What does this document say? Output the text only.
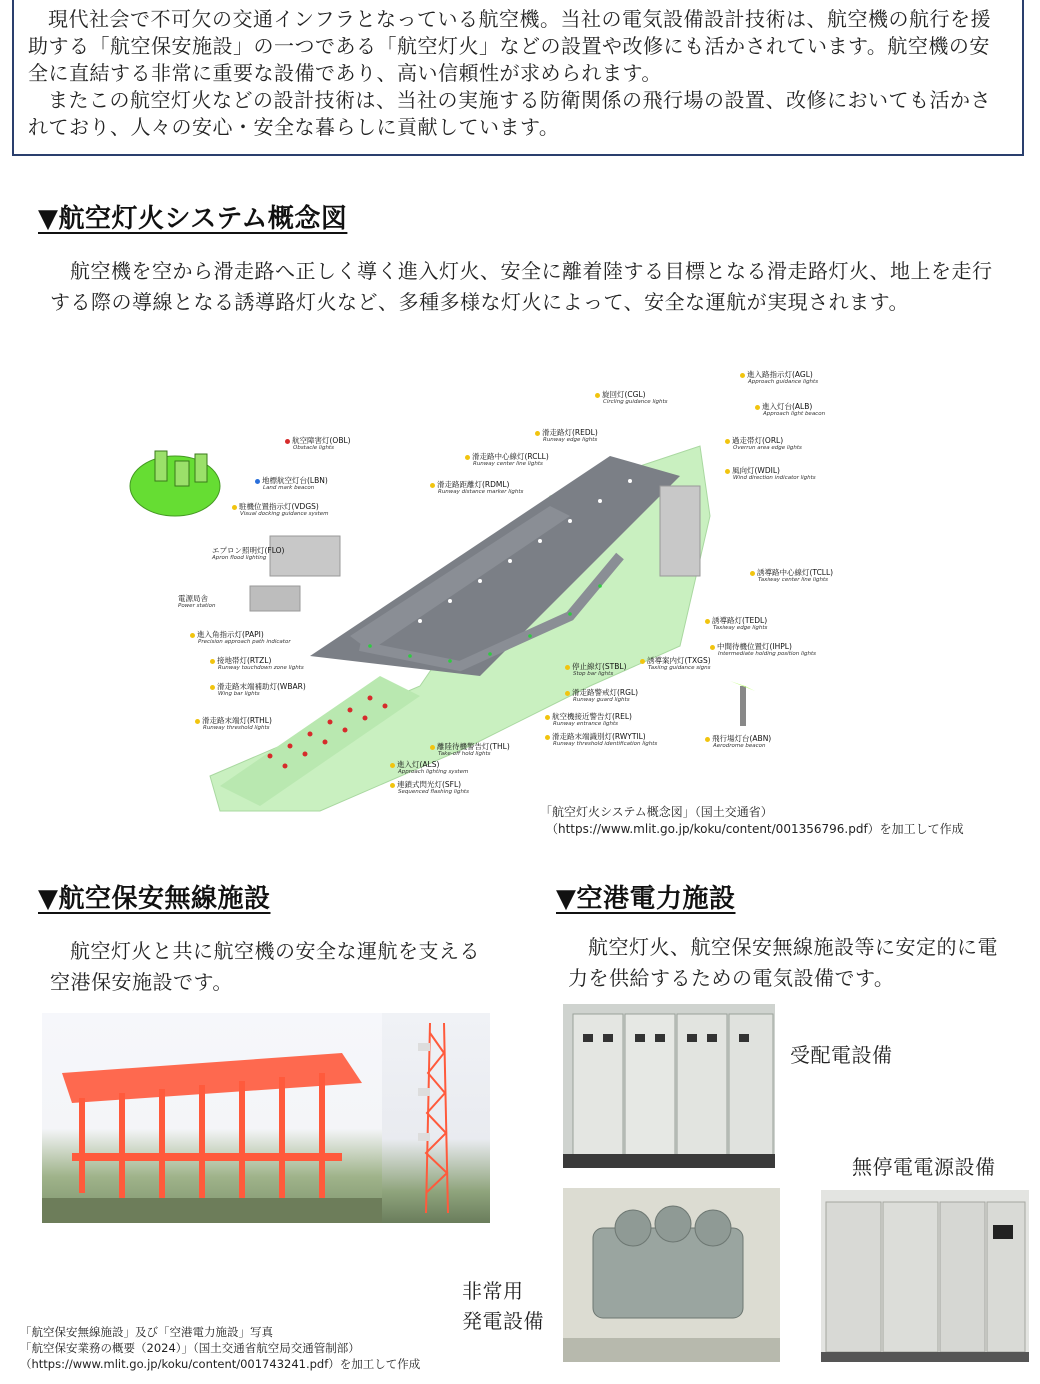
現代社会で不可欠の交通インフラとなっている航空機。当社の電気設備設計技術は、航空機の航行を援助する「航空保安施設」の一つである「航空灯火」などの設置や改修にも活かされています。航空機の安全に直結する非常に重要な設備であり、高い信頼性が求められます。

またこの航空灯火などの設計技術は、当社の実施する防衛関係の飛行場の設置、改修においても活かされており、人々の安心・安全な暮らしに貢献しています。

▼航空灯火システム概念図

航空機を空から滑走路へ正しく導く進入灯火、安全に離着陸する目標となる滑走路灯火、地上を走行する際の導線となる誘導路灯火など、多種多様な灯火によって、安全な運航が実現されます。

進入路指示灯(AGL)
Approach guidance lights
旋回灯(CGL)
Circling guidance lights	進入灯台(ALB)
Approach light beacon
滑走路灯(REDL)
Runway edge lights	過走帯灯(ORL)
Overrun area edge lights
航空障害灯(OBL)
Obstacle lights
滑走路中心線灯(RCLL)
Runway center line lights
風向灯(WDIL)
Wind direction indicator lights
地標航空灯台(LBN)
Land mark beacon	滑走路距離灯(RDML)
Runway distance marker lights
駐機位置指示灯(VDGS)
Visual docking guidance system
エプロン照明灯(FLO)
Apron flood lighting
誘導路中心線灯(TCLL)
Taxiway center line lights
電源局舎
Power station
誘導路灯(TEDL)
Taxiway edge lights
進入角指示灯(PAPI)
Precision approach path indicator	中間待機位置灯(IHPL)
Intermediate holding position lights
接地帯灯(RTZL)
Runway touchdown zone lights	停止線灯(STBL)
Stop bar lights
誘導案内灯(TXGS)
Taxiing guidance signs
滑走路末端補助灯(WBAR)
Wing bar lights	滑走路警戒灯(RGL)
Runway guard lights
滑走路末端灯(RTHL)
Runway threshold lights
航空機接近警告灯(REL)
Runway entrance lights
滑走路末端識別灯(RWYTIL)
Runway threshold identification lights
飛行場灯台(ABN)
Aerodrome beacon
離陸待機警告灯(THL)
Take-off hold lights
進入灯(ALS)
Approach lighting system
連鎖式閃光灯(SFL)
Sequenced flashing lights
「航空灯火システム概念図」（国土交通省）
（https://www.mlit.go.jp/koku/content/001356796.pdf）を加工して作成
▼航空保安無線施設

航空灯火と共に航空機の安全な運航を支える空港保安施設です。

▼空港電力施設

航空灯火、航空保安無線施設等に安定的に電力を供給するための電気設備です。

受配電設備
無停電電源設備
非常用
発電設備
「航空保安無線施設」及び「空港電力施設」写真
「航空保安業務の概要（2024）」（国土交通省航空局交通管制部）
（https://www.mlit.go.jp/koku/content/001743241.pdf）を加工して作成
